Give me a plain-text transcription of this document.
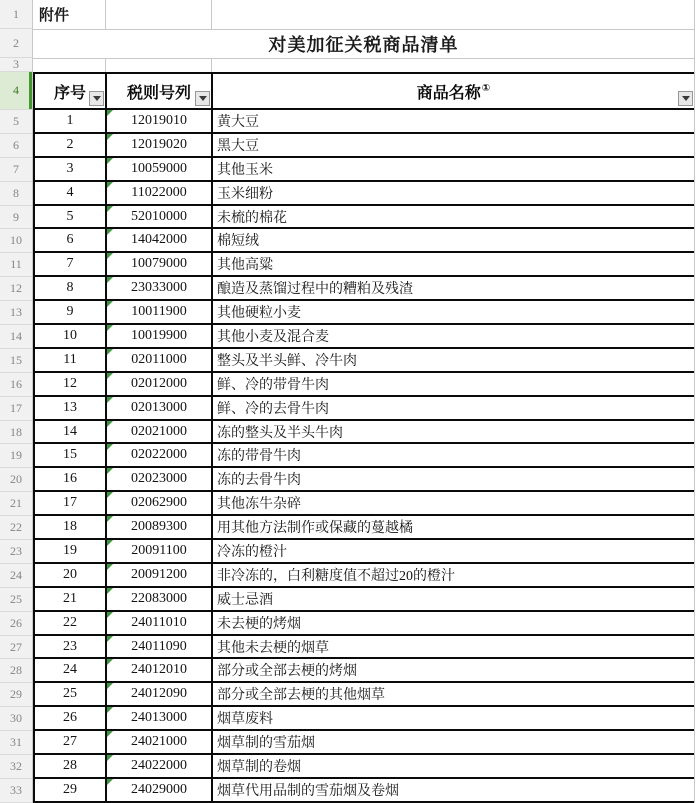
1
2
3
4
5
6
7
8
9
10
11
12
13
14
15
16
17
18
19
20
21
22
23
24
25
26
27
28
29
30
31
32
33
附件
对美加征关税商品清单
序号	税则号列	商品名称①
1	12019010	黄大豆
2	12019020	黑大豆
3	10059000	其他玉米
4	11022000	玉米细粉
5	52010000	未梳的棉花
6	14042000	棉短绒
7	10079000	其他高粱
8	23033000	酿造及蒸馏过程中的糟粕及残渣
9	10011900	其他硬粒小麦
10	10019900	其他小麦及混合麦
11	02011000	整头及半头鲜、冷牛肉
12	02012000	鲜、冷的带骨牛肉
13	02013000	鲜、冷的去骨牛肉
14	02021000	冻的整头及半头牛肉
15	02022000	冻的带骨牛肉
16	02023000	冻的去骨牛肉
17	02062900	其他冻牛杂碎
18	20089300	用其他方法制作或保藏的蔓越橘
19	20091100	冷冻的橙汁
20	20091200	非冷冻的，白利糖度值不超过20的橙汁
21	22083000	威士忌酒
22	24011010	未去梗的烤烟
23	24011090	其他未去梗的烟草
24	24012010	部分或全部去梗的烤烟
25	24012090	部分或全部去梗的其他烟草
26	24013000	烟草废料
27	24021000	烟草制的雪茄烟
28	24022000	烟草制的卷烟
29	24029000	烟草代用品制的雪茄烟及卷烟
